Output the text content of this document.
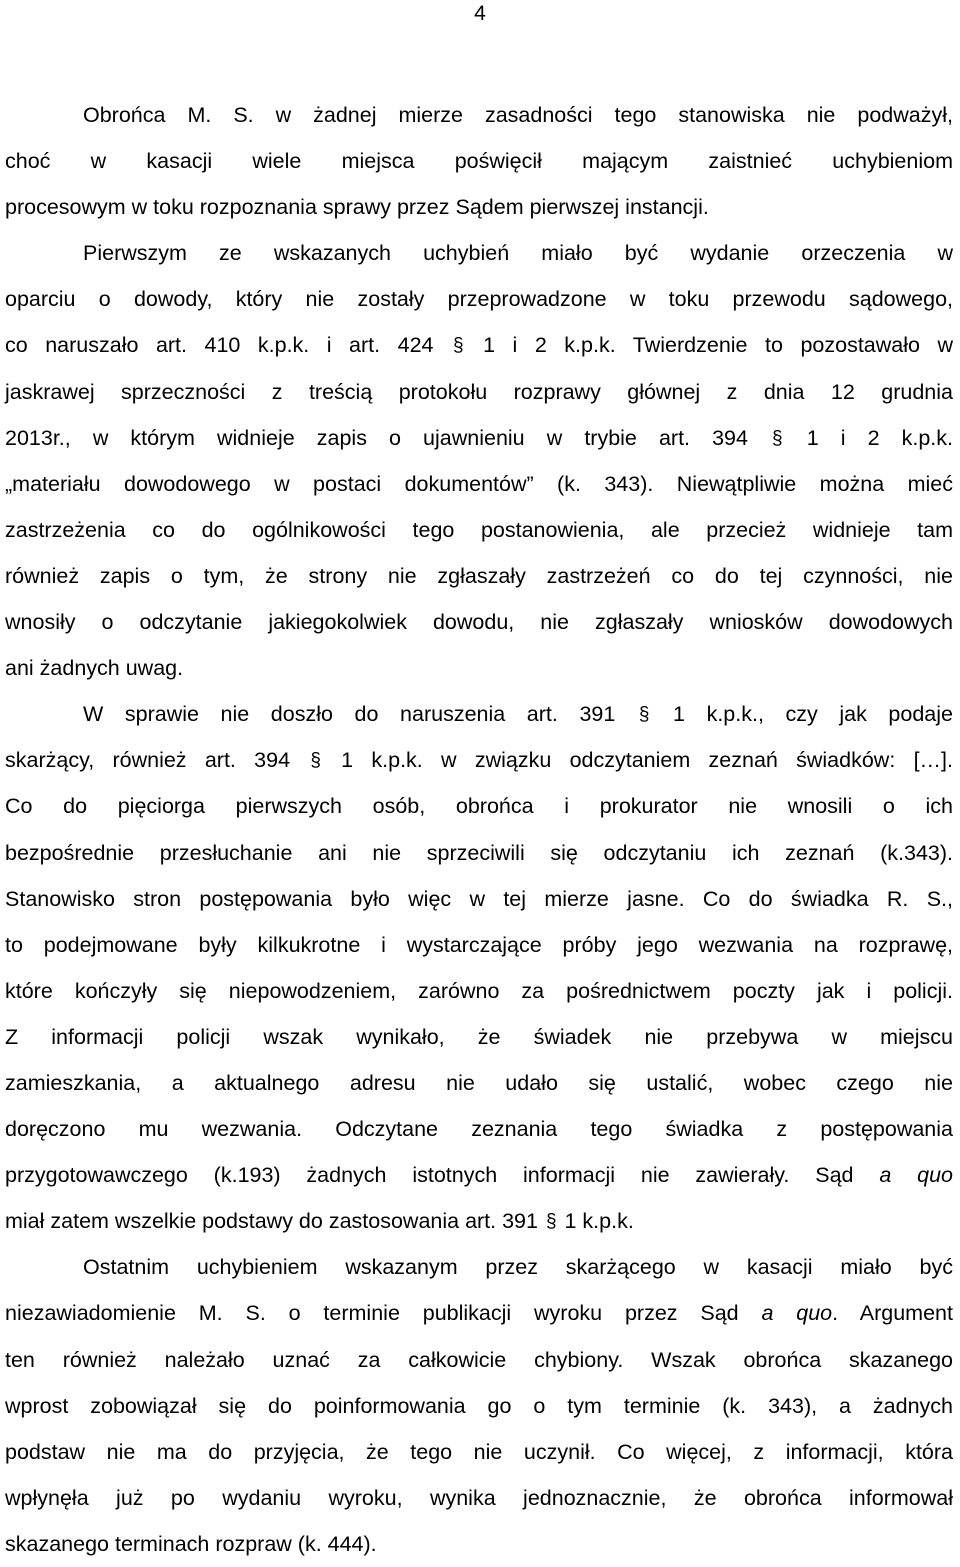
4
Obrońca M. S. w żadnej mierze zasadności tego stanowiska nie podważył,
choć w kasacji wiele miejsca poświęcił mającym zaistnieć uchybieniom
procesowym w toku rozpoznania sprawy przez Sądem pierwszej instancji.
Pierwszym ze wskazanych uchybień miało być wydanie orzeczenia w
oparciu o dowody, który nie zostały przeprowadzone w toku przewodu sądowego,
co naruszało art. 410 k.p.k. i art. 424 § 1 i 2 k.p.k. Twierdzenie to pozostawało w
jaskrawej sprzeczności z treścią protokołu rozprawy głównej z dnia 12 grudnia
2013r., w którym widnieje zapis o ujawnieniu w trybie art. 394 § 1 i 2 k.p.k.
„materiału dowodowego w postaci dokumentów” (k. 343). Niewątpliwie można mieć
zastrzeżenia co do ogólnikowości tego postanowienia, ale przecież widnieje tam
również zapis o tym, że strony nie zgłaszały zastrzeżeń co do tej czynności, nie
wnosiły o odczytanie jakiegokolwiek dowodu, nie zgłaszały wniosków dowodowych
ani żadnych uwag.
W sprawie nie doszło do naruszenia art. 391 § 1 k.p.k., czy jak podaje
skarżący, również art. 394 § 1 k.p.k. w związku odczytaniem zeznań świadków: […].
Co do pięciorga pierwszych osób, obrońca i prokurator nie wnosili o ich
bezpośrednie przesłuchanie ani nie sprzeciwili się odczytaniu ich zeznań (k.343).
Stanowisko stron postępowania było więc w tej mierze jasne. Co do świadka R. S.,
to podejmowane były kilkukrotne i wystarczające próby jego wezwania na rozprawę,
które kończyły się niepowodzeniem, zarówno za pośrednictwem poczty jak i policji.
Z informacji policji wszak wynikało, że świadek nie przebywa w miejscu
zamieszkania, a aktualnego adresu nie udało się ustalić, wobec czego nie
doręczono mu wezwania. Odczytane zeznania tego świadka z postępowania
przygotowawczego (k.193) żadnych istotnych informacji nie zawierały. Sąd a quo
miał zatem wszelkie podstawy do zastosowania art. 391 § 1 k.p.k.
Ostatnim uchybieniem wskazanym przez skarżącego w kasacji miało być
niezawiadomienie M. S. o terminie publikacji wyroku przez Sąd a quo. Argument
ten również należało uznać za całkowicie chybiony. Wszak obrońca skazanego
wprost zobowiązał się do poinformowania go o tym terminie (k. 343), a żadnych
podstaw nie ma do przyjęcia, że tego nie uczynił. Co więcej, z informacji, która
wpłynęła już po wydaniu wyroku, wynika jednoznacznie, że obrońca informował
skazanego terminach rozpraw (k. 444).
